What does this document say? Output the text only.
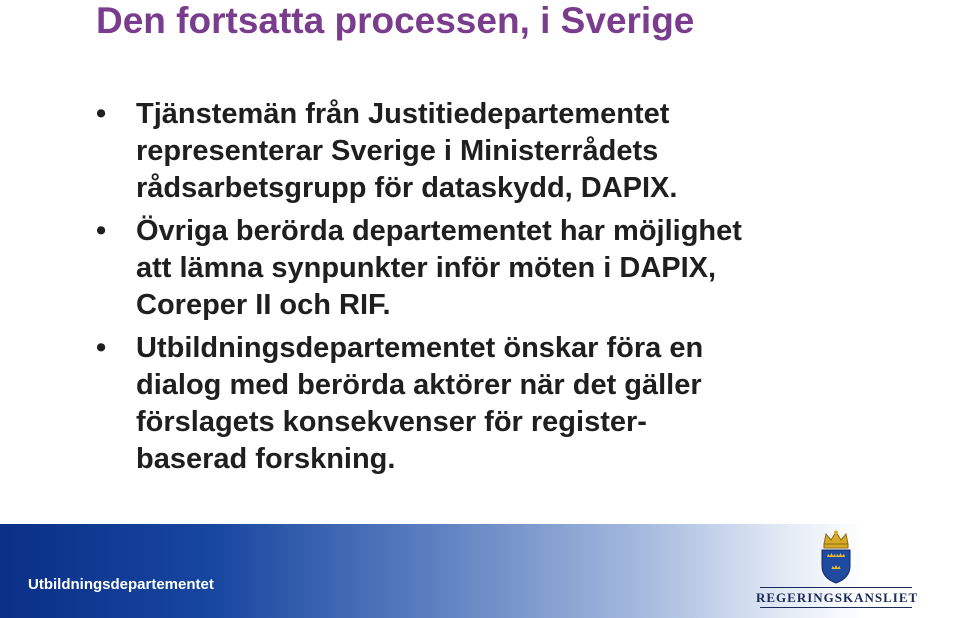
Den fortsatta processen, i Sverige
• Tjänstemän från Justitiedepartementet
representerar Sverige i Ministerrådets
rådsarbetsgrupp för dataskydd, DAPIX.
• Övriga berörda departementet har möjlighet
att lämna synpunkter inför möten i DAPIX,
Coreper II och RIF.
• Utbildningsdepartementet önskar föra en
dialog med berörda aktörer när det gäller
förslagets konsekvenser för register-
baserad forskning.
Utbildningsdepartementet
REGERINGSKANSLIET
